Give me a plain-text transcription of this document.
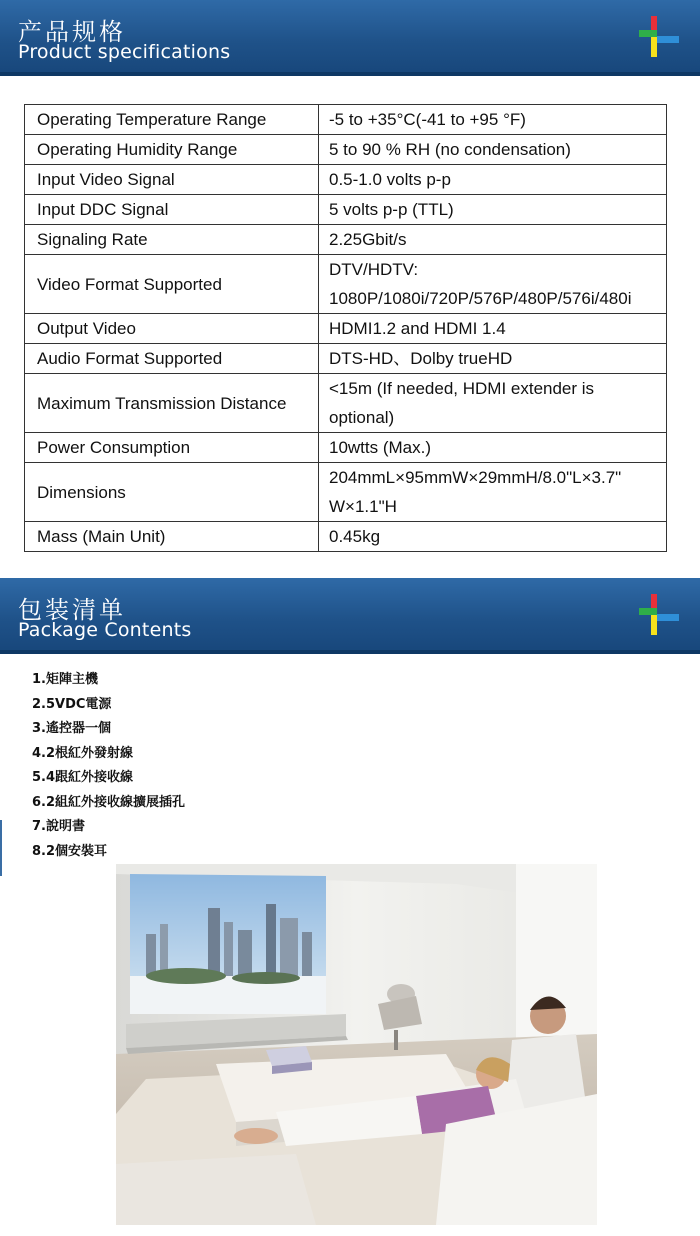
产品规格
Product specifications
Operating Temperature Range	-5 to +35°C(-41 to +95 °F)
Operating Humidity Range	5 to 90 % RH (no condensation)
Input Video Signal	0.5-1.0 volts p-p
Input DDC Signal	5 volts p-p (TTL)
Signaling Rate	2.25Gbit/s
Video Format Supported	DTV/HDTV:
1080P/1080i/720P/576P/480P/576i/480i

Output Video	HDMI1.2 and HDMI 1.4
Audio Format Supported	DTS-HD、Dolby trueHD
Maximum Transmission Distance	<15m (If needed, HDMI extender is
optional)

Power Consumption	10wtts (Max.)
Dimensions	204mmL×95mmW×29mmH/8.0"L×3.7"
W×1.1"H

Mass (Main Unit)	0.45kg
包装清单
Package Contents
1.矩陣主機
2.5VDC電源
3.遙控器一個
4.2根紅外發射線
5.4跟紅外接收線
6.2組紅外接收線擴展插孔
7.說明書
8.2個安裝耳
